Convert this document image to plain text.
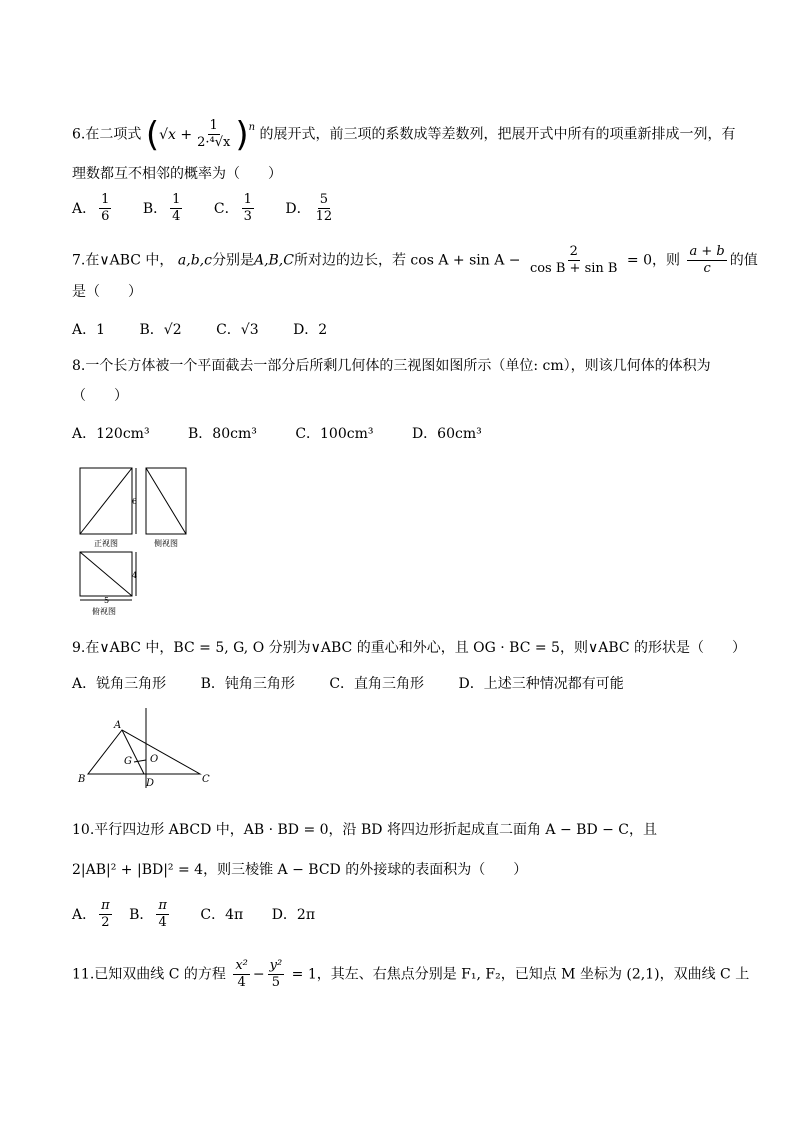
6.在二项式 ( $√x + \frac{1}{\text{2·⁴√x}}$ ) n 的展开式，前三项的系数成等差数列，把展开式中所有的项重新排成一列，有
理数都互不相邻的概率为（　　）
A． $\frac{1}{6}$ B． $\frac{1}{4}$ C． $\frac{1}{3}$ D． $\frac{5}{12}$
7.在∨ABC 中， a,b,c分别是A,B,C所对边的边长，若 $\cos A + \sin A - \frac{2}{\text{cos B + sin B}} = 0$，则 $\frac{a + b}{c}$ 的值
是（　　）
A．1 B．√2 C．√3 D．2
8.一个长方体被一个平面截去一部分后所剩几何体的三视图如图所示（单位: cm），则该几何体的体积为
（　　）
A．120cm³	B．80cm³	C．100cm³	D．60cm³
6
4
5
正视图	侧视图
俯视图
9.在∨ABC 中，BC = 5, G, O 分别为∨ABC 的重心和外心，且 OG · BC = 5，则∨ABC 的形状是（　　）
A．锐角三角形 B．钝角三角形 C．直角三角形 D．上述三种情况都有可能
A
B	C
D
G O
10.平行四边形 ABCD 中，AB · BD = 0，沿 BD 将四边形折起成直二面角 A − BD − C，且
2|AB|² + |BD|² = 4，则三棱锥 A − BCD 的外接球的表面积为（　　）
A． $\frac{\pi}{2}$ B． $\frac{\pi}{4}$ C．4π D．2π
11.已知双曲线 C 的方程 $\frac{\text{x²}}{4} - \frac{\text{y²}}{5} = 1$，其左、右焦点分别是 F₁, F₂，已知点 M 坐标为 (2,1)，双曲线 C 上
